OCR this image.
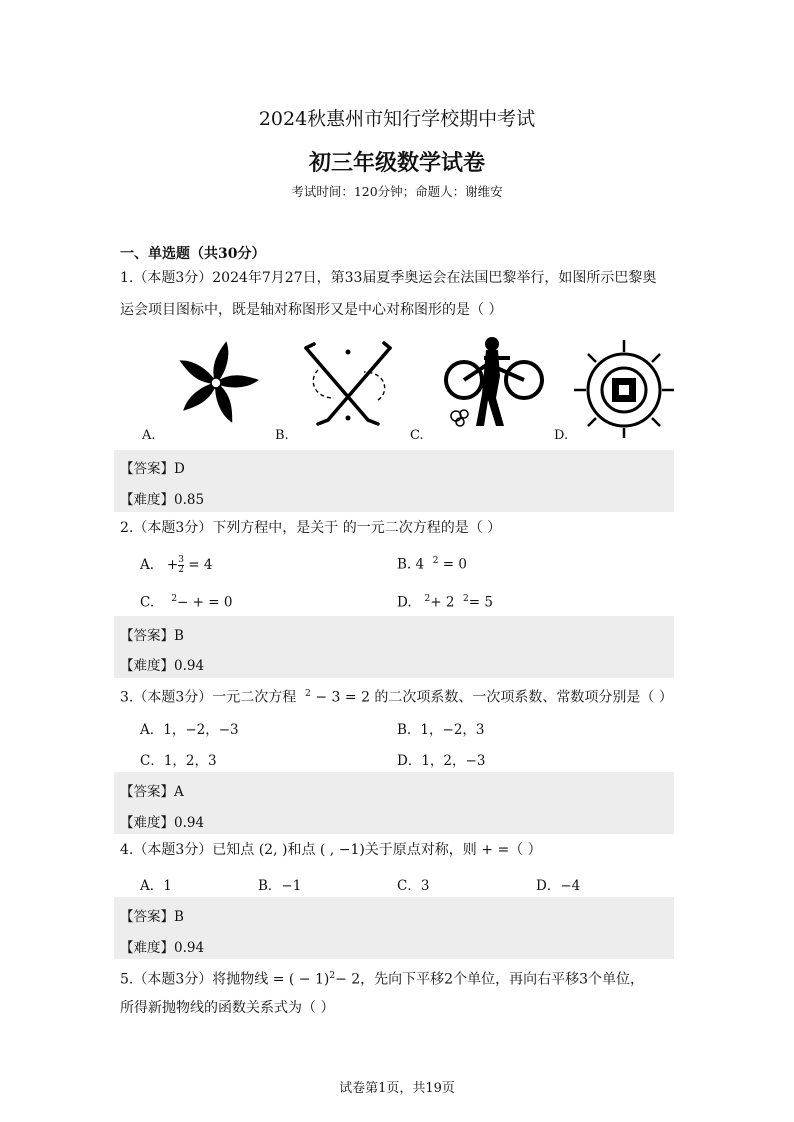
2024秋惠州市知行学校期中考试
初三年级数学试卷
考试时间：120分钟；命题人：谢维安
一、单选题（共30分）
1.（本题3分）2024年7月27日，第33届夏季奥运会在法国巴黎举行，如图所示巴黎奥
运会项目图标中，既是轴对称图形又是中心对称图形的是（ ）
A.	B.	C.	D.
【答案】D
【难度】0.85
2.（本题3分）下列方程中，是关于 的一元二次方程的是（ ）
A.   + $\frac{3}{2} = 4$	B. 4 $^2$ = 0
C. $^2$− + = 0	D. $^2$+ 2 $^2$= 5
【答案】B
【难度】0.94
3.（本题3分）一元二次方程 $^2$ − 3 = 2 的二次项系数、一次项系数、常数项分别是（ ）
A．1，−2，−3	B．1，−2，3
C．1，2，3	D．1，2，−3
【答案】A
【难度】0.94
4.（本题3分）已知点 (2, )和点 ( , −1)关于原点对称，则 + =（ ）
A．1	B．−1	C．3	D．−4
【答案】B
【难度】0.94
5.（本题3分）将抛物线 = ( − 1)$^2$− 2，先向下平移2个单位，再向右平移3个单位，
所得新抛物线的函数关系式为（ ）
试卷第1页，共19页
